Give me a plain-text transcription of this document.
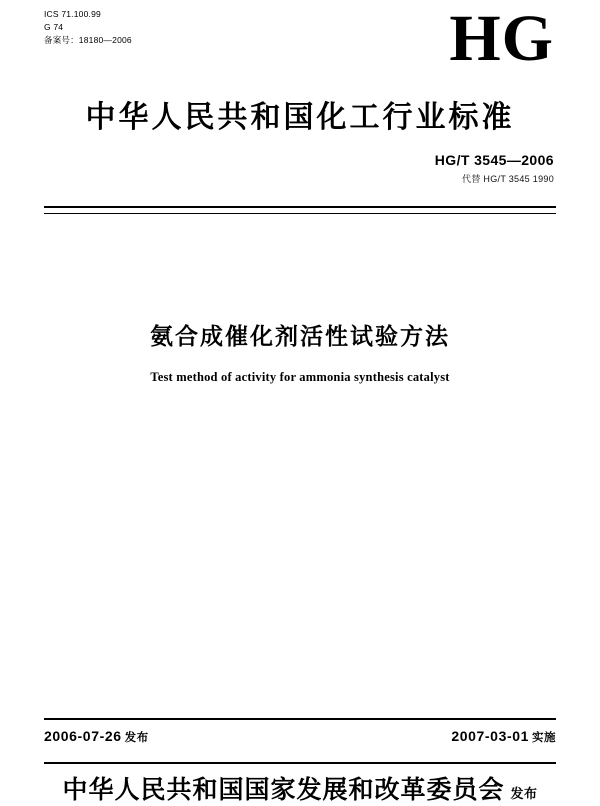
ICS 71.100.99
G 74
备案号：18180—2006	HG
中华人民共和国化工行业标准
HG/T 3545—2006
代替 HG/T 3545 1990
氨合成催化剂活性试验方法
Test method of activity for ammonia synthesis catalyst
2006-07-26 发布	2007-03-01 实施
中华人民共和国国家发展和改革委员会 发布
